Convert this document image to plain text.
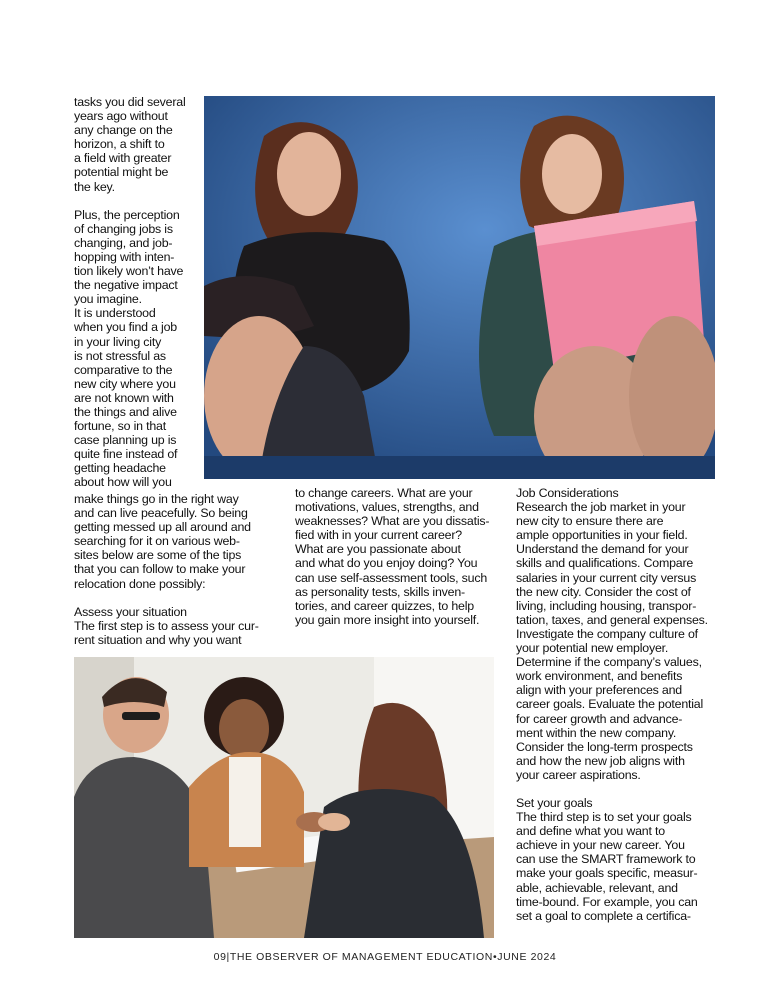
tasks you did several
years ago without
any change on the
horizon, a shift to
a field with greater
potential might be
the key.
Plus, the perception
of changing jobs is
changing, and job-
hopping with inten-
tion likely won’t have
the negative impact
you imagine.
It is understood
when you find a job
in your living city
is not stressful as
comparative to the
new city where you
are not known with
the things and alive
fortune, so in that
case planning up is
quite fine instead of
getting headache
about how will you
make things go in the right way
and can live peacefully. So being
getting messed up all around and
searching for it on various web-
sites below are some of the tips
that you can follow to make your
relocation done possibly:
Assess your situation
The first step is to assess your cur-
rent situation and why you want
to change careers. What are your
motivations, values, strengths, and
weaknesses? What are you dissatis-
fied with in your current career?
What are you passionate about
and what do you enjoy doing? You
can use self-assessment tools, such
as personality tests, skills inven-
tories, and career quizzes, to help
you gain more insight into yourself.
Job Considerations
Research the job market in your
new city to ensure there are
ample opportunities in your field.
Understand the demand for your
skills and qualifications. Compare
salaries in your current city versus
the new city. Consider the cost of
living, including housing, transpor-
tation, taxes, and general expenses.
Investigate the company culture of
your potential new employer.
Determine if the company’s values,
work environment, and benefits
align with your preferences and
career goals. Evaluate the potential
for career growth and advance-
ment within the new company.
Consider the long-term prospects
and how the new job aligns with
your career aspirations.
Set your goals
The third step is to set your goals
and define what you want to
achieve in your new career. You
can use the SMART framework to
make your goals specific, measur-
able, achievable, relevant, and
time-bound. For example, you can
set a goal to complete a certifica-
09|THE OBSERVER OF MANAGEMENT EDUCATION•JUNE 2024
